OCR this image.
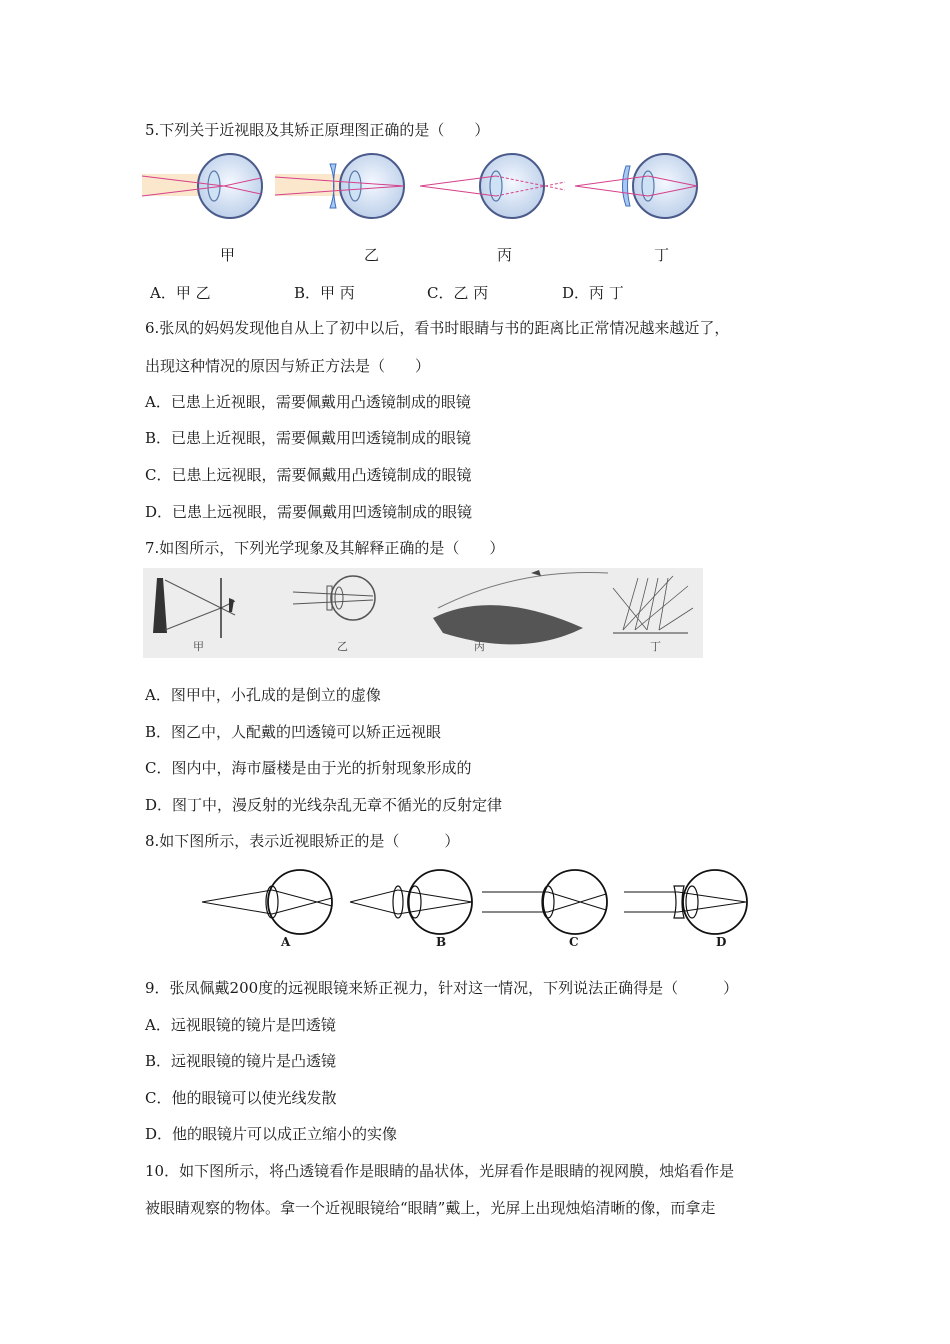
5.下列关于近视眼及其矫正原理图正确的是（　　）
甲	乙	丙	丁
A．甲 乙	B．甲 丙	C．乙 丙	D．丙 丁
6.张凤的妈妈发现他自从上了初中以后，看书时眼睛与书的距离比正常情况越来越近了，
出现这种情况的原因与矫正方法是（　　）
A．已患上近视眼，需要佩戴用凸透镜制成的眼镜
B．已患上近视眼，需要佩戴用凹透镜制成的眼镜
C．已患上远视眼，需要佩戴用凸透镜制成的眼镜
D．已患上远视眼，需要佩戴用凹透镜制成的眼镜
7.如图所示，下列光学现象及其解释正确的是（　　）
甲	乙	丙	丁
A．图甲中，小孔成的是倒立的虚像
B．图乙中，人配戴的凹透镜可以矫正远视眼
C．图内中，海市蜃楼是由于光的折射现象形成的
D．图丁中，漫反射的光线杂乱无章不循光的反射定律
8.如下图所示，表示近视眼矫正的是（　　　）
A	B	C	D
9．张凤佩戴200度的远视眼镜来矫正视力，针对这一情况，下列说法正确得是（　　　）
A．远视眼镜的镜片是凹透镜
B．远视眼镜的镜片是凸透镜
C．他的眼镜可以使光线发散
D．他的眼镜片可以成正立缩小的实像
10．如下图所示，将凸透镜看作是眼睛的晶状体，光屏看作是眼睛的视网膜，烛焰看作是
被眼睛观察的物体。拿一个近视眼镜给“眼睛”戴上，光屏上出现烛焰清晰的像，而拿走
